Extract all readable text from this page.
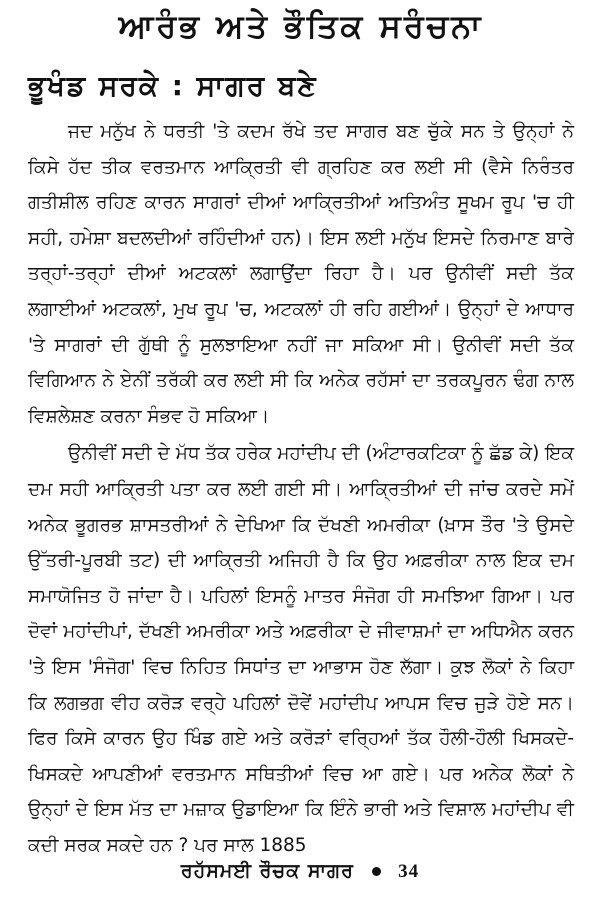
ਆਰੰਭ ਅਤੇ ਭੌਤਿਕ ਸਰੰਚਨਾ
ਭੂਖੰਡ ਸਰਕੇ : ਸਾਗਰ ਬਣੇ

ਜਦ ਮਨੁੱਖ ਨੇ ਧਰਤੀ 'ਤੇ ਕਦਮ ਰੱਖੇ ਤਦ ਸਾਗਰ ਬਣ ਚੁੱਕੇ ਸਨ ਤੇ ਉਨ੍ਹਾਂ ਨੇ ਕਿਸੇ ਹੱਦ ਤੀਕ ਵਰਤਮਾਨ ਆਕ੍ਰਿਤੀ ਵੀ ਗ੍ਰਹਿਣ ਕਰ ਲਈ ਸੀ (ਵੈਸੇ ਨਿਰੰਤਰ ਗਤੀਸ਼ੀਲ ਰਹਿਣ ਕਾਰਨ ਸਾਗਰਾਂ ਦੀਆਂ ਆਕ੍ਰਿਤੀਆਂ ਅਤਿਅੰਤ ਸੂਖਮ ਰੂਪ 'ਚ ਹੀ ਸਹੀ, ਹਮੇਸ਼ਾ ਬਦਲਦੀਆਂ ਰਹਿੰਦੀਆਂ ਹਨ)। ਇਸ ਲਈ ਮਨੁੱਖ ਇਸਦੇ ਨਿਰਮਾਣ ਬਾਰੇ ਤਰ੍ਹਾਂ-ਤਰ੍ਹਾਂ ਦੀਆਂ ਅਟਕਲਾਂ ਲਗਾਉਂਦਾ ਰਿਹਾ ਹੈ। ਪਰ ਉਨੀਵੀਂ ਸਦੀ ਤੱਕ ਲਗਾਈਆਂ ਅਟਕਲਾਂ, ਮੁਖ ਰੂਪ 'ਚ, ਅਟਕਲਾਂ ਹੀ ਰਹਿ ਗਈਆਂ। ਉਨ੍ਹਾਂ ਦੇ ਆਧਾਰ 'ਤੇ ਸਾਗਰਾਂ ਦੀ ਗੁੱਥੀ ਨੂੰ ਸੁਲਝਾਇਆ ਨਹੀਂ ਜਾ ਸਕਿਆ ਸੀ। ਉਨੀਵੀਂ ਸਦੀ ਤੱਕ ਵਿਗਿਆਨ ਨੇ ਏਨੀਂ ਤਰੱਕੀ ਕਰ ਲਈ ਸੀ ਕਿ ਅਨੇਕ ਰਹੱਸਾਂ ਦਾ ਤਰਕਪੂਰਨ ਢੰਗ ਨਾਲ ਵਿਸ਼ਲੇਸ਼ਣ ਕਰਨਾ ਸੰਭਵ ਹੋ ਸਕਿਆ।

ਉਨੀਵੀਂ ਸਦੀ ਦੇ ਮੱਧ ਤੱਕ ਹਰੇਕ ਮਹਾਂਦੀਪ ਦੀ (ਅੰਟਾਰਕਟਿਕਾ ਨੂੰ ਛੱਡ ਕੇ) ਇਕ ਦਮ ਸਹੀ ਆਕ੍ਰਿਤੀ ਪਤਾ ਕਰ ਲਈ ਗਈ ਸੀ। ਆਕ੍ਰਿਤੀਆਂ ਦੀ ਜਾਂਚ ਕਰਦੇ ਸਮੇਂ ਅਨੇਕ ਭੂਗਰਭ ਸ਼ਾਸਤਰੀਆਂ ਨੇ ਦੇਖਿਆ ਕਿ ਦੱਖਣੀ ਅਮਰੀਕਾ (ਖ਼ਾਸ ਤੌਰ 'ਤੇ ਉਸਦੇ ਉੱਤਰੀ-ਪੂਰਬੀ ਤਟ) ਦੀ ਆਕ੍ਰਿਤੀ ਅਜਿਹੀ ਹੈ ਕਿ ਉਹ ਅਫ਼ਰੀਕਾ ਨਾਲ ਇਕ ਦਮ ਸਮਾਯੋਜਿਤ ਹੋ ਜਾਂਦਾ ਹੈ। ਪਹਿਲਾਂ ਇਸਨੂੰ ਮਾਤਰ ਸੰਜੋਗ ਹੀ ਸਮਝਿਆ ਗਿਆ। ਪਰ ਦੋਵਾਂ ਮਹਾਂਦੀਪਾਂ, ਦੱਖਣੀ ਅਮਰੀਕਾ ਅਤੇ ਅਫ਼ਰੀਕਾ ਦੇ ਜੀਵਾਸ਼ਮਾਂ ਦਾ ਅਧਿਐਨ ਕਰਨ 'ਤੇ ਇਸ 'ਸੰਜੋਗ' ਵਿਚ ਨਿਹਿਤ ਸਿਧਾਂਤ ਦਾ ਆਭਾਸ ਹੋਣ ਲੱਗਾ। ਕੁਝ ਲੋਕਾਂ ਨੇ ਕਿਹਾ ਕਿ ਲਗਭਗ ਵੀਹ ਕਰੋੜ ਵਰ੍ਹੇ ਪਹਿਲਾਂ ਦੋਵੇਂ ਮਹਾਂਦੀਪ ਆਪਸ ਵਿਚ ਜੁੜੇ ਹੋਏ ਸਨ। ਫਿਰ ਕਿਸੇ ਕਾਰਨ ਉਹ ਖਿੰਡ ਗਏ ਅਤੇ ਕਰੋੜਾਂ ਵਰ੍ਹਿਆਂ ਤੱਕ ਹੌਲੀ-ਹੌਲੀ ਖਿਸਕਦੇ-ਖਿਸਕਦੇ ਆਪਣੀਆਂ ਵਰਤਮਾਨ ਸਥਿਤੀਆਂ ਵਿਚ ਆ ਗਏ। ਪਰ ਅਨੇਕ ਲੋਕਾਂ ਨੇ ਉਨ੍ਹਾਂ ਦੇ ਇਸ ਮੱਤ ਦਾ ਮਜ਼ਾਕ ਉਡਾਇਆ ਕਿ ਇੰਨੇ ਭਾਰੀ ਅਤੇ ਵਿਸ਼ਾਲ ਮਹਾਂਦੀਪ ਵੀ ਕਦੀ ਸਰਕ ਸਕਦੇ ਹਨ ? ਪਰ ਸਾਲ 1885

ਰਹੱਸਮਈ ਰੌਚਕ ਸਾਗਰ 34
